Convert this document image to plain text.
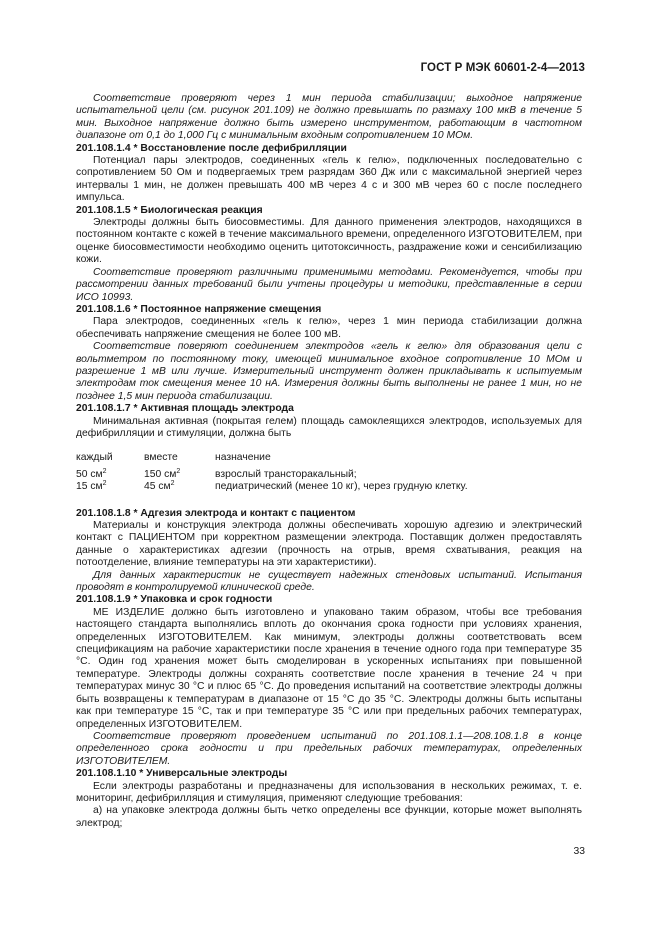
ГОСТ Р МЭК 60601-2-4—2013

Соответствие проверяют через 1 мин периода стабилизации; выходное напряжение испытательной цели (см. рисунок 201.109) не должно превышать по размаху 100 мкВ в течение 5 мин. Выходное напряжение должно быть измерено инструментом, работающим в частотном диапазоне от 0,1 до 1,000 Гц с минимальным входным сопротивлением 10 МОм.

201.108.1.4 * Восстановление после дефибрилляции

Потенциал пары электродов, соединенных «гель к гелю», подключенных последовательно с сопротивлением 50 Ом и подвергаемых трем разрядам 360 Дж или с максимальной энергией через интервалы 1 мин, не должен превышать 400 мВ через 4 с и 300 мВ через 60 с после последнего импульса.

201.108.1.5 * Биологическая реакция

Электроды должны быть биосовместимы. Для данного применения электродов, находящихся в постоянном контакте с кожей в течение максимального времени, определенного ИЗГОТОВИТЕЛЕМ, при оценке биосовместимости необходимо оценить цитотоксичность, раздражение кожи и сенсибилизацию кожи.

Соответствие проверяют различными применимыми методами. Рекомендуется, чтобы при рассмотрении данных требований были учтены процедуры и методики, представленные в серии ИСО 10993.

201.108.1.6 * Постоянное напряжение смещения

Пара электродов, соединенных «гель к гелю», через 1 мин периода стабилизации должна обеспечивать напряжение смещения не более 100 мВ.

Соответствие поверяют соединением электродов «гель к гелю» для образования цели с вольтметром по постоянному току, имеющей минимальное входное сопротивление 10 МОм и разрешение 1 мВ или лучше. Измерительный инструмент должен прикладывать к испытуемым электродам ток смещения менее 10 нА. Измерения должны быть выполнены не ранее 1 мин, но не позднее 1,5 мин периода стабилизации.

201.108.1.7 * Активная площадь электрода

Минимальная активная (покрытая гелем) площадь самоклеящихся электродов, используемых для дефибрилляции и стимуляции, должна быть

каждый	вместе	назначение

50 $см^2$	150 $см^2$	взрослый трансторакальный;
15 $см^2$	45 $см^2$	педиатрический (менее 10 кг), через грудную клетку.

201.108.1.8 * Адгезия электрода и контакт с пациентом

Материалы и конструкция электрода должны обеспечивать хорошую адгезию и электрический контакт с ПАЦИЕНТОМ при корректном размещении электрода. Поставщик должен предоставлять данные о характеристиках адгезии (прочность на отрыв, время схватывания, реакция на потоотделение, влияние температуры на эти характеристики).

Для данных характеристик не существует надежных стендовых испытаний. Испытания проводят в контролируемой клинической среде.

201.108.1.9 * Упаковка и срок годности

МЕ ИЗДЕЛИЕ должно быть изготовлено и упаковано таким образом, чтобы все требования настоящего стандарта выполнялись вплоть до окончания срока годности при условиях хранения, определенных ИЗГОТОВИТЕЛЕМ. Как минимум, электроды должны соответствовать всем спецификациям на рабочие характеристики после хранения в течение одного года при температуре 35 °С. Один год хранения может быть смоделирован в ускоренных испытаниях при повышенной температуре. Электроды должны сохранять соответствие после хранения в течение 24 ч при температурах минус 30 °С и плюс 65 °С. До проведения испытаний на соответствие электроды должны быть возвращены к температурам в диапазоне от 15 °С до 35 °С. Электроды должны быть испытаны как при температуре 15 °С, так и при температуре 35 °С или при предельных рабочих температурах, определенных ИЗГОТОВИТЕЛЕМ.

Соответствие проверяют проведением испытаний по 201.108.1.1—208.108.1.8 в конце определенного срока годности и при предельных рабочих температурах, определенных ИЗГОТОВИТЕЛЕМ.

201.108.1.10 * Универсальные электроды

Если электроды разработаны и предназначены для использования в нескольких режимах, т. е. мониторинг, дефибрилляция и стимуляция, применяют следующие требования:

а) на упаковке электрода должны быть четко определены все функции, которые может выполнять электрод;

33
